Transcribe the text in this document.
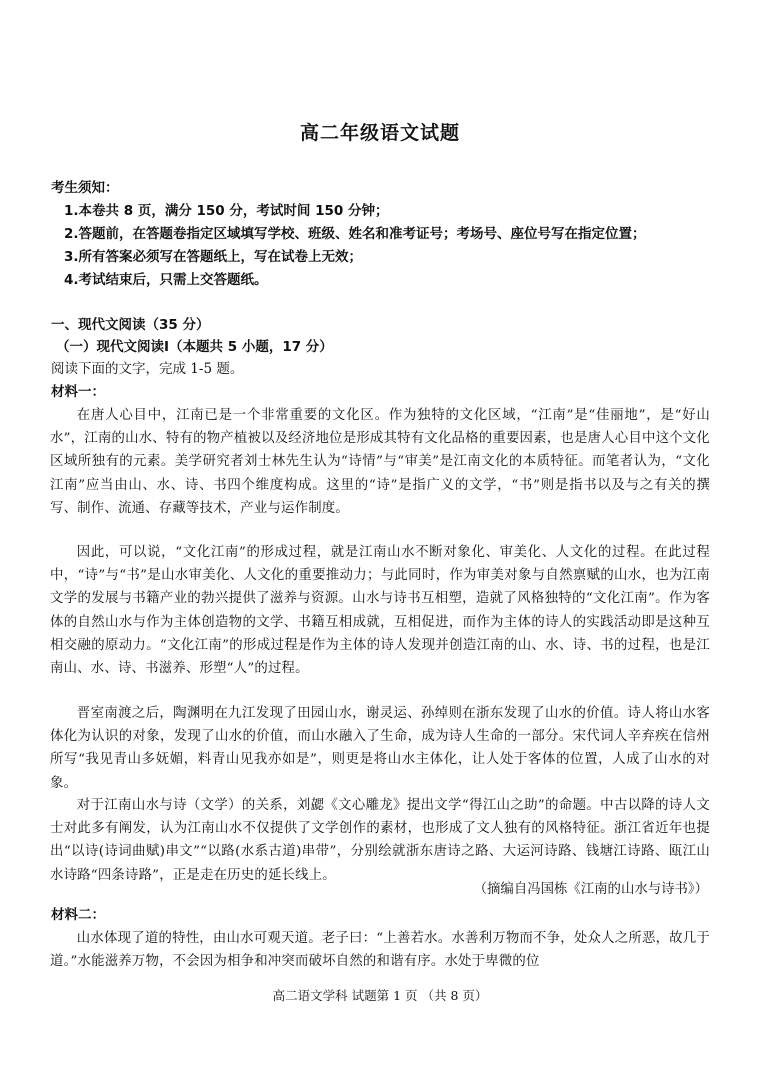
高二年级语文试题
考生须知：
1.本卷共 8 页，满分 150 分，考试时间 150 分钟；
2.答题前，在答题卷指定区域填写学校、班级、姓名和准考证号；考场号、座位号写在指定位置；
3.所有答案必须写在答题纸上，写在试卷上无效；
4.考试结束后，只需上交答题纸。
一、现代文阅读（35 分）
（一）现代文阅读Ⅰ（本题共 5 小题，17 分）
阅读下面的文字，完成 1-5 题。
材料一：
在唐人心目中，江南已是一个非常重要的文化区。作为独特的文化区域，“江南”是“佳丽地”，是“好山水”，江南的山水、特有的物产植被以及经济地位是形成其特有文化品格的重要因素，也是唐人心目中这个文化区域所独有的元素。美学研究者刘士林先生认为“诗情”与“审美”是江南文化的本质特征。而笔者认为，“文化江南”应当由山、水、诗、书四个维度构成。这里的“诗”是指广义的文学，“书”则是指书以及与之有关的撰写、制作、流通、存藏等技术，产业与运作制度。
因此，可以说，“文化江南”的形成过程，就是江南山水不断对象化、审美化、人文化的过程。在此过程中，“诗”与“书”是山水审美化、人文化的重要推动力；与此同时，作为审美对象与自然禀赋的山水，也为江南文学的发展与书籍产业的勃兴提供了滋养与资源。山水与诗书互相塑，造就了风格独特的“文化江南”。作为客体的自然山水与作为主体创造物的文学、书籍互相成就，互相促进，而作为主体的诗人的实践活动即是这种互相交融的原动力。“文化江南”的形成过程是作为主体的诗人发现并创造江南的山、水、诗、书的过程，也是江南山、水、诗、书滋养、形塑“人”的过程。
晋室南渡之后，陶渊明在九江发现了田园山水，谢灵运、孙绰则在浙东发现了山水的价值。诗人将山水客体化为认识的对象，发现了山水的价值，而山水融入了生命，成为诗人生命的一部分。宋代词人辛弃疾在信州所写“我见青山多妩媚，料青山见我亦如是”，则更是将山水主体化，让人处于客体的位置，人成了山水的对象。
对于江南山水与诗（文学）的关系，刘勰《文心雕龙》提出文学“得江山之助”的命题。中古以降的诗人文士对此多有阐发，认为江南山水不仅提供了文学创作的素材，也形成了文人独有的风格特征。浙江省近年也提出“以诗(诗词曲赋)串文”“以路(水系古道)串带”，分别绘就浙东唐诗之路、大运河诗路、钱塘江诗路、瓯江山水诗路“四条诗路”，正是走在历史的延长线上。
（摘编自冯国栋《江南的山水与诗书》）
材料二：
山水体现了道的特性，由山水可观天道。老子曰：“上善若水。水善利万物而不争，处众人之所恶，故几于道。”水能滋养万物，不会因为相争和冲突而破坏自然的和谐有序。水处于卑微的位
高二语文学科 试题第 1 页 （共 8 页）
